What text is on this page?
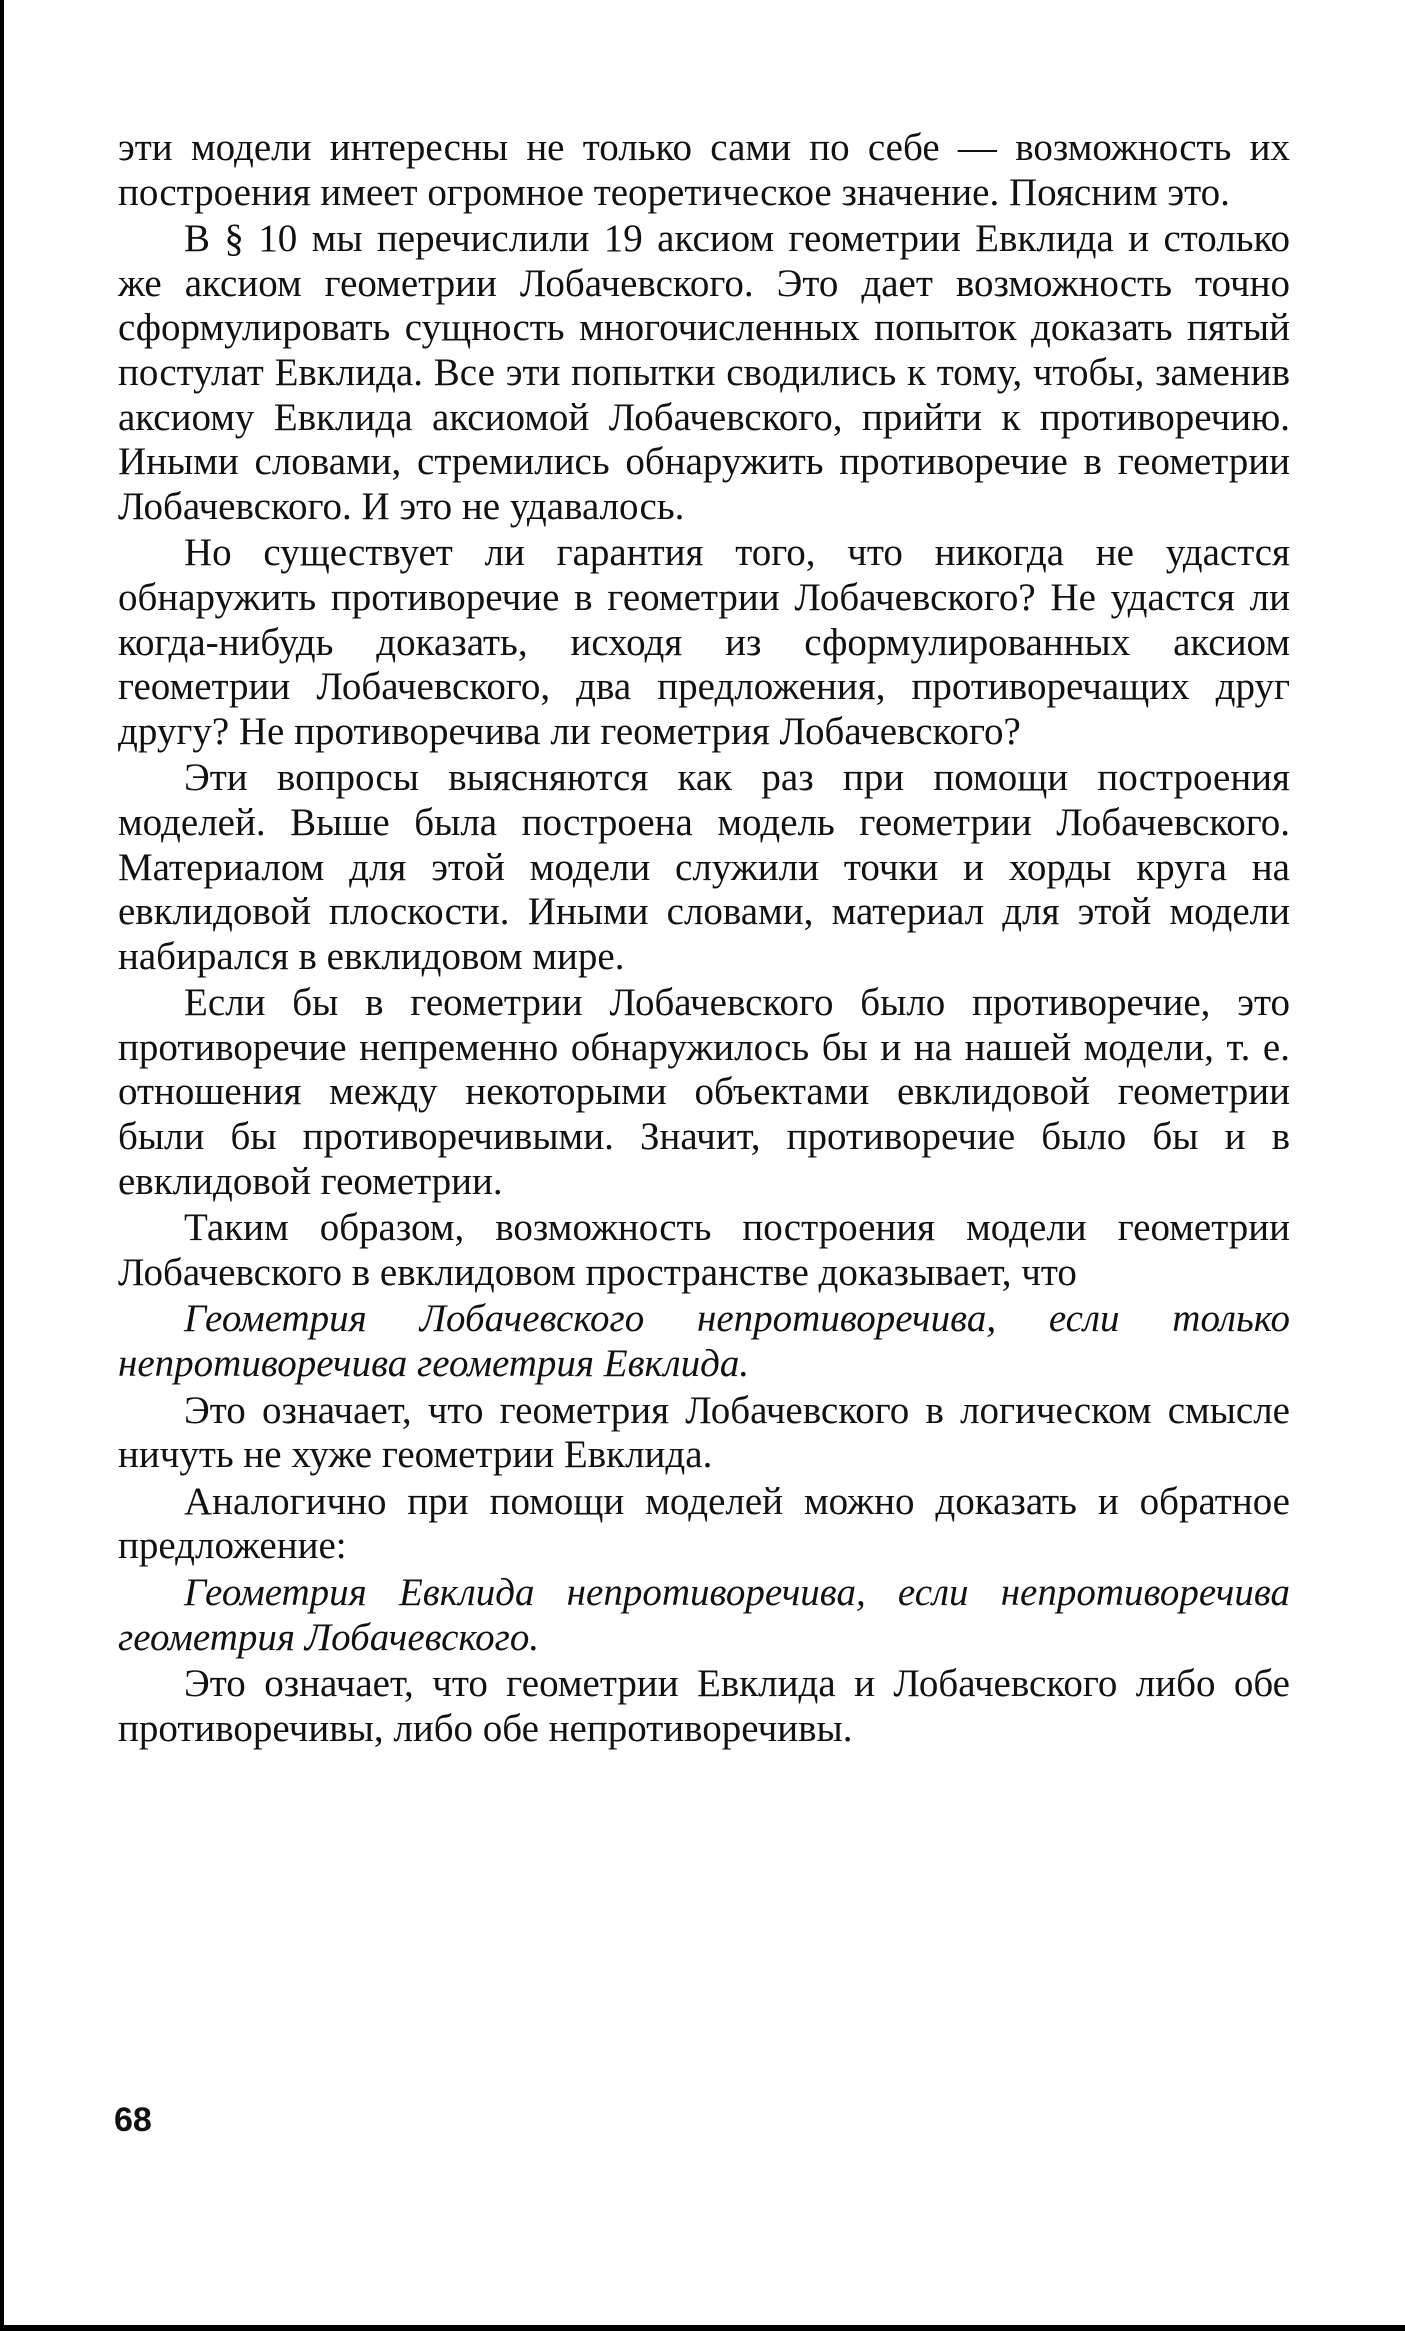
эти модели интересны не только сами по себе — возможность их построения имеет огромное теоретическое значение. Поясним это.

В § 10 мы перечислили 19 аксиом геометрии Евклида и столько же аксиом геометрии Лобачевского. Это дает возможность точно сформулировать сущность многочисленных попыток доказать пятый постулат Евклида. Все эти попытки сводились к тому, чтобы, заменив аксиому Евклида аксиомой Лобачевского, прийти к противоречию. Иными словами, стремились обнаружить противоречие в геометрии Лобачевского. И это не удавалось.

Но существует ли гарантия того, что никогда не удастся обнаружить противоречие в геометрии Лобачевского? Не удастся ли когда-нибудь доказать, исходя из сформулированных аксиом геометрии Лобачевского, два предложения, противоречащих друг другу? Не противоречива ли геометрия Лобачевского?

Эти вопросы выясняются как раз при помощи построения моделей. Выше была построена модель геометрии Лобачевского. Материалом для этой модели служили точки и хорды круга на евклидовой плоскости. Иными словами, материал для этой модели набирался в евклидовом мире.

Если бы в геометрии Лобачевского было противоречие, это противоречие непременно обнаружилось бы и на нашей модели, т. е. отношения между некоторыми объектами евклидовой геометрии были бы противоречивыми. Значит, противоречие было бы и в евклидовой геометрии.

Таким образом, возможность построения модели геометрии Лобачевского в евклидовом пространстве доказывает, что

Геометрия Лобачевского непротиворечива, если только непротиворечива геометрия Евклида.

Это означает, что геометрия Лобачевского в логическом смысле ничуть не хуже геометрии Евклида.

Аналогично при помощи моделей можно доказать и обратное предложение:

Геометрия Евклида непротиворечива, если непротиворечива геометрия Лобачевского.

Это означает, что геометрии Евклида и Лобачевского либо обе противоречивы, либо обе непротиворечивы.

68
